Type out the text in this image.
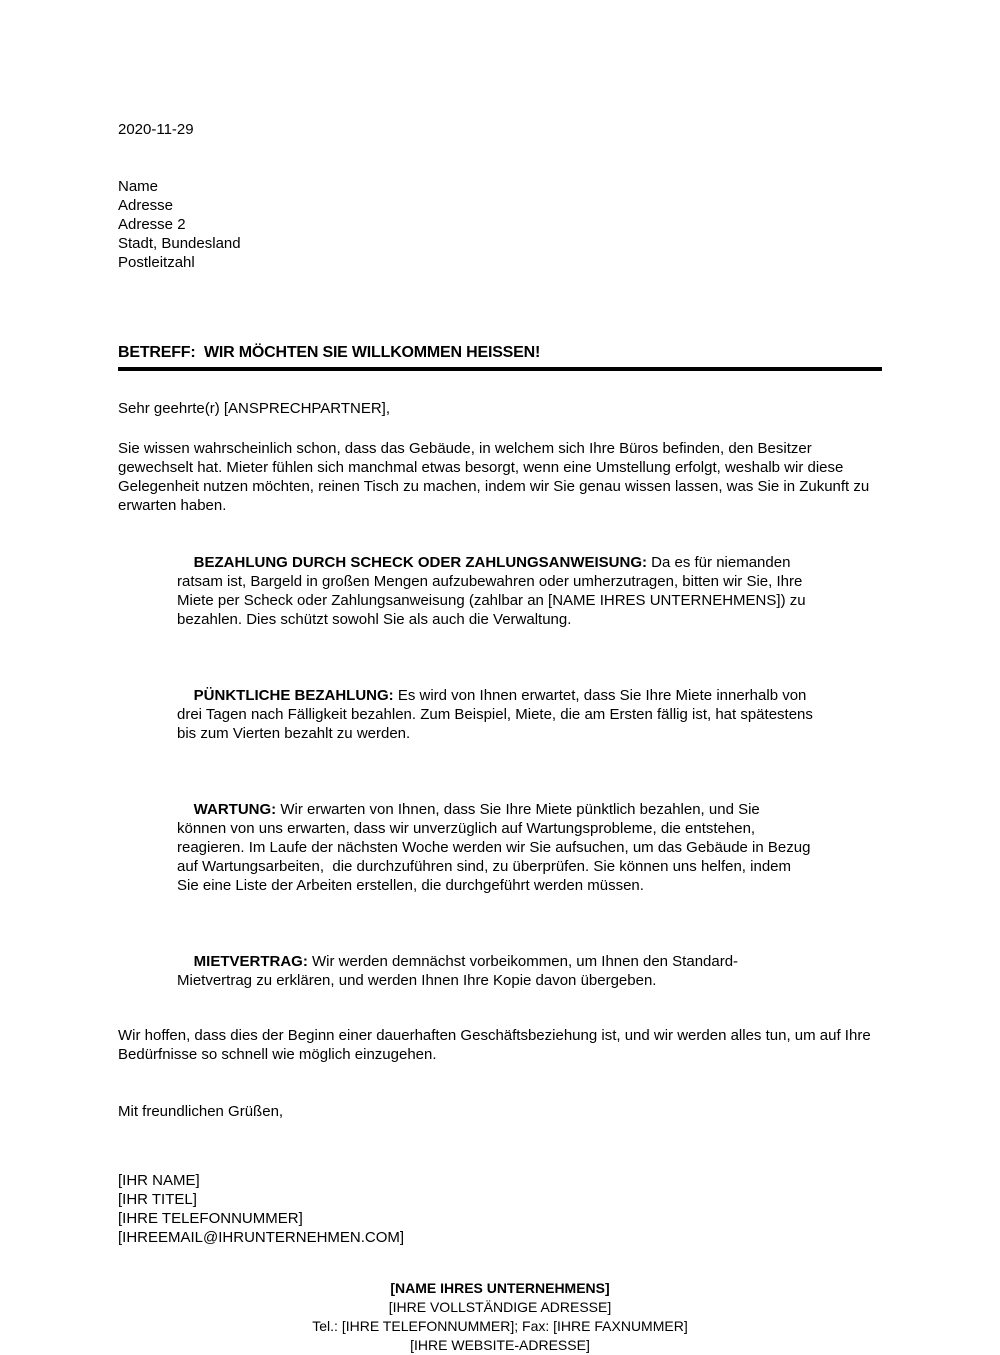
2020-11-29
Name
Adresse
Adresse 2
Stadt, Bundesland
Postleitzahl
BETREFF:  WIR MÖCHTEN SIE WILLKOMMEN HEISSEN!
Sehr geehrte(r) [ANSPRECHPARTNER],
Sie wissen wahrscheinlich schon, dass das Gebäude, in welchem sich Ihre Büros befinden, den Besitzer gewechselt hat. Mieter fühlen sich manchmal etwas besorgt, wenn eine Umstellung erfolgt, weshalb wir diese Gelegenheit nutzen möchten, reinen Tisch zu machen, indem wir Sie genau wissen lassen, was Sie in Zukunft zu erwarten haben.

BEZAHLUNG DURCH SCHECK ODER ZAHLUNGSANWEISUNG: Da es für niemanden ratsam ist, Bargeld in großen Mengen aufzubewahren oder umherzutragen, bitten wir Sie, Ihre Miete per Scheck oder Zahlungsanweisung (zahlbar an [NAME IHRES UNTERNEHMENS]) zu bezahlen. Dies schützt sowohl Sie als auch die Verwaltung.

PÜNKTLICHE BEZAHLUNG: Es wird von Ihnen erwartet, dass Sie Ihre Miete innerhalb von drei Tagen nach Fälligkeit bezahlen. Zum Beispiel, Miete, die am Ersten fällig ist, hat spätestens bis zum Vierten bezahlt zu werden.

WARTUNG: Wir erwarten von Ihnen, dass Sie Ihre Miete pünktlich bezahlen, und Sie können von uns erwarten, dass wir unverzüglich auf Wartungsprobleme, die entstehen, reagieren. Im Laufe der nächsten Woche werden wir Sie aufsuchen, um das Gebäude in Bezug auf Wartungsarbeiten,  die durchzuführen sind, zu überprüfen. Sie können uns helfen, indem Sie eine Liste der Arbeiten erstellen, die durchgeführt werden müssen.

MIETVERTRAG: Wir werden demnächst vorbeikommen, um Ihnen den Standard-Mietvertrag zu erklären, und werden Ihnen Ihre Kopie davon übergeben.

Wir hoffen, dass dies der Beginn einer dauerhaften Geschäftsbeziehung ist, und wir werden alles tun, um auf Ihre Bedürfnisse so schnell wie möglich einzugehen.
Mit freundlichen Grüßen,
[IHR NAME]
[IHR TITEL]
[IHRE TELEFONNUMMER]
[IHREEMAIL@IHRUNTERNEHMEN.COM]
[NAME IHRES UNTERNEHMENS]
[IHRE VOLLSTÄNDIGE ADRESSE]
Tel.: [IHRE TELEFONNUMMER]; Fax: [IHRE FAXNUMMER]
[IHRE WEBSITE-ADRESSE]
